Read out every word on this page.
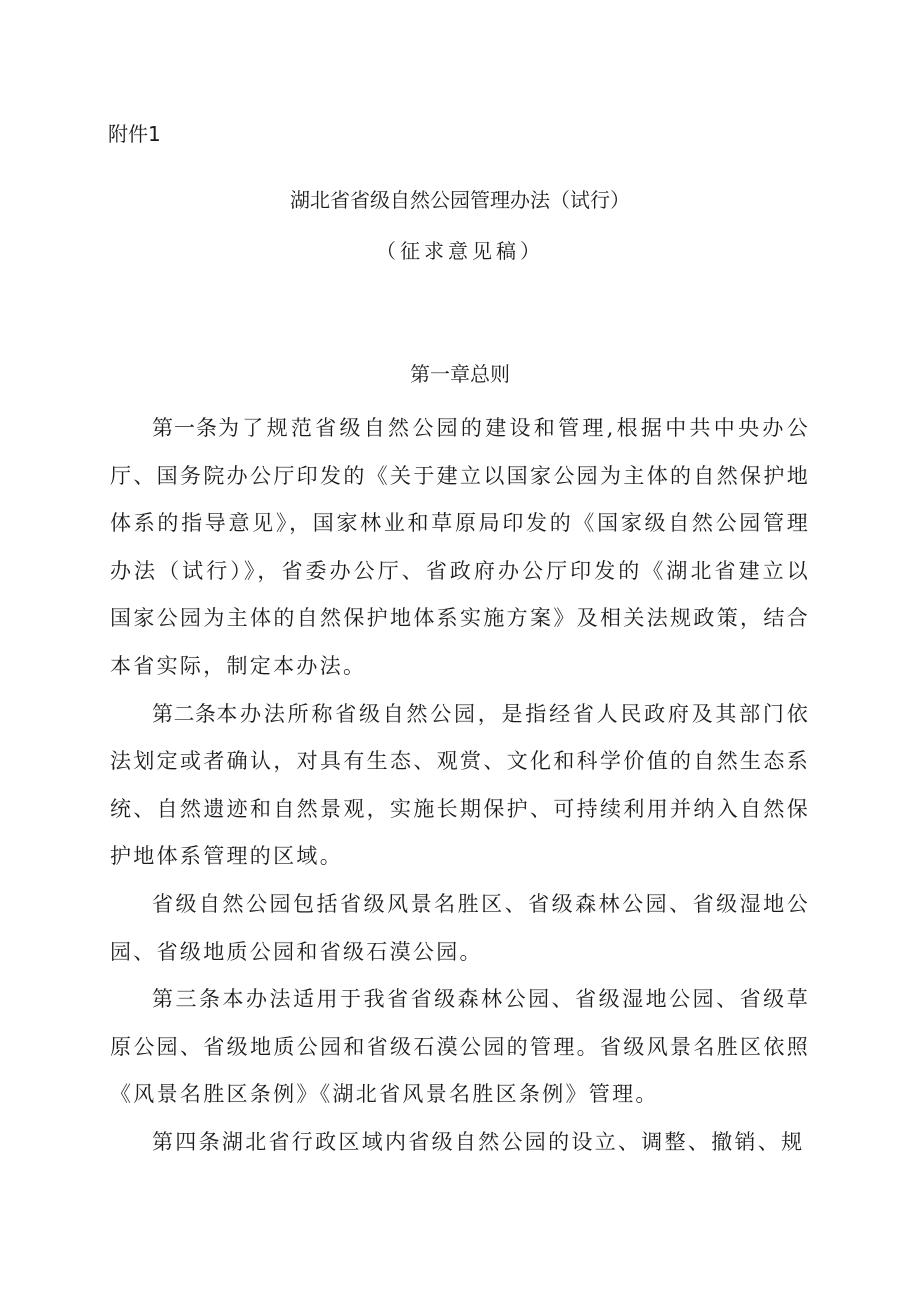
附件1
湖北省省级自然公园管理办法（试行）
（征求意见稿）
第一章总则

第一条为了规范省级自然公园的建设和管理,根据中共中央办公厅、国务院办公厅印发的《关于建立以国家公园为主体的自然保护地体系的指导意见》，国家林业和草原局印发的《国家级自然公园管理办法（试行）》，省委办公厅、省政府办公厅印发的《湖北省建立以国家公园为主体的自然保护地体系实施方案》及相关法规政策，结合本省实际，制定本办法。

第二条本办法所称省级自然公园，是指经省人民政府及其部门依法划定或者确认，对具有生态、观赏、文化和科学价值的自然生态系统、自然遗迹和自然景观，实施长期保护、可持续利用并纳入自然保护地体系管理的区域。

省级自然公园包括省级风景名胜区、省级森林公园、省级湿地公园、省级地质公园和省级石漠公园。

第三条本办法适用于我省省级森林公园、省级湿地公园、省级草原公园、省级地质公园和省级石漠公园的管理。省级风景名胜区依照《风景名胜区条例》《湖北省风景名胜区条例》管理。

第四条湖北省行政区域内省级自然公园的设立、调整、撤销、规
